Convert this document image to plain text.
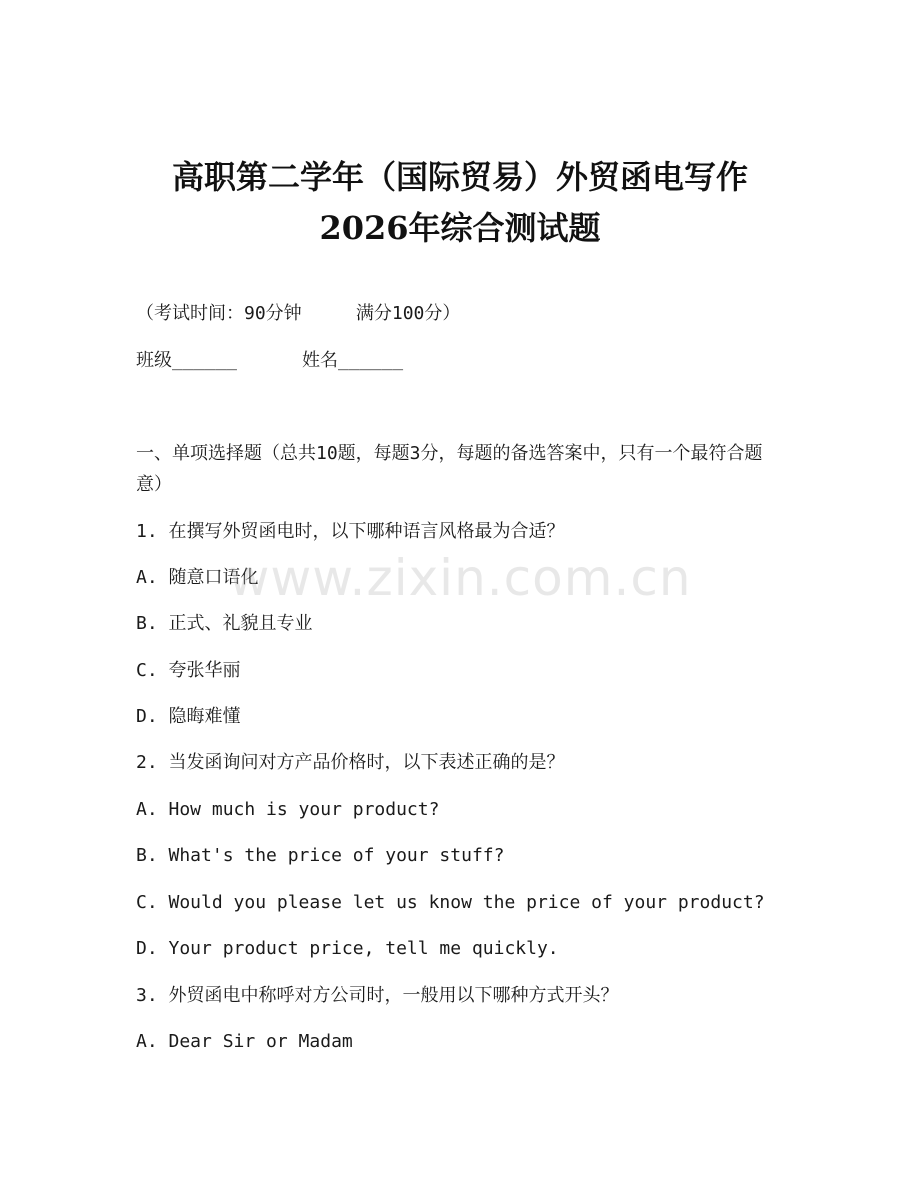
高职第二学年（国际贸易）外贸函电写作
2026年综合测试题
（考试时间：90分钟     满分100分）
班级______      姓名______
一、单项选择题（总共10题，每题3分，每题的备选答案中，只有一个最符合题意）
1. 在撰写外贸函电时，以下哪种语言风格最为合适？
A. 随意口语化
B. 正式、礼貌且专业
C. 夸张华丽
D. 隐晦难懂
2. 当发函询问对方产品价格时，以下表述正确的是？
A. How much is your product?
B. What's the price of your stuff?
C. Would you please let us know the price of your product?
D. Your product price, tell me quickly.
3. 外贸函电中称呼对方公司时，一般用以下哪种方式开头？
A. Dear Sir or Madam
www.zixin.com.cn
